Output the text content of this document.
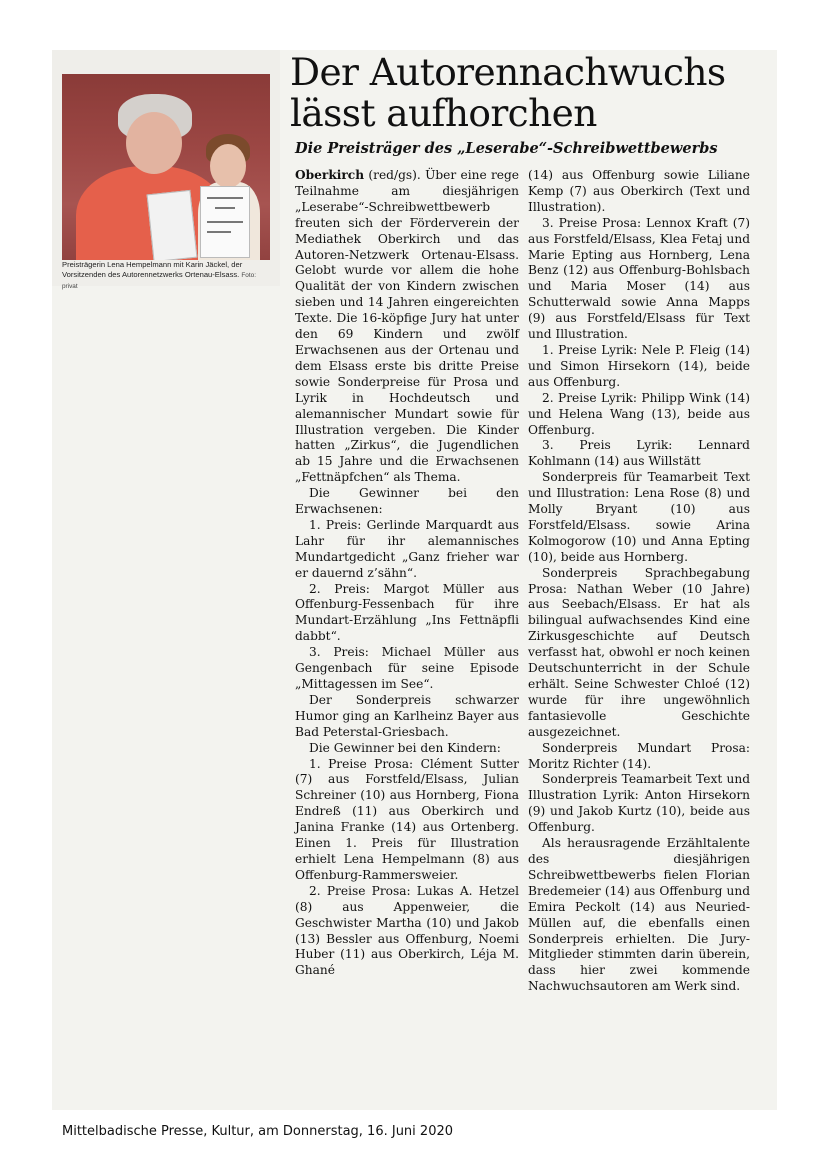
Preisträgerin Lena Hempelmann mit Karin Jäckel, der Vorsitzenden des Autorennetzwerks Ortenau-Elsass. Foto: privat
Der Autorennachwuchs lässt aufhorchen
Die Preisträger des „Leserabe“-Schreibwettbewerbs

Oberkirch (red/gs). Über eine rege Teilnahme am diesjährigen „Leserabe“-Schreibwettbewerb freuten sich der Förderverein der Mediathek Oberkirch und das Autoren-Netzwerk Ortenau-Elsass. Gelobt wurde vor allem die hohe Qualität der von Kindern zwischen sieben und 14 Jahren eingereichten Texte. Die 16-köpfige Jury hat unter den 69 Kindern und zwölf Erwachsenen aus der Ortenau und dem Elsass erste bis dritte Preise sowie Sonderpreise für Prosa und Lyrik in Hochdeutsch und alemannischer Mundart sowie für Illustration vergeben. Die Kinder hatten „Zirkus“, die Jugendlichen ab 15 Jahre und die Erwachsenen „Fettnäpfchen“ als Thema.

Die Gewinner bei den Erwachsenen:

1. Preis: Gerlinde Marquardt aus Lahr für ihr alemannisches Mundartgedicht „Ganz frieher war er dauernd z’sähn“.

2. Preis: Margot Müller aus Offenburg-Fessenbach für ihre Mundart-Erzählung „Ins Fettnäpfli dabbt“.

3. Preis: Michael Müller aus Gengenbach für seine Episode „Mittagessen im See“.

Der Sonderpreis schwarzer Humor ging an Karlheinz Bayer aus Bad Peterstal-Griesbach.

Die Gewinner bei den Kindern:

1. Preise Prosa: Clément Sutter (7) aus Forstfeld/Elsass, Julian Schreiner (10) aus Hornberg, Fiona Endreß (11) aus Oberkirch und Janina Franke (14) aus Ortenberg. Einen 1. Preis für Illustration erhielt Lena Hempelmann (8) aus Offenburg-Rammersweier.

2. Preise Prosa: Lukas A. Hetzel (8) aus Appenweier, die Geschwister Martha (10) und Jakob (13) Bessler aus Offenburg, Noemi Huber (11) aus Oberkirch, Léja M. Ghané

(14) aus Offenburg sowie Liliane Kemp (7) aus Oberkirch (Text und Illustration).

3. Preise Prosa: Lennox Kraft (7) aus Forstfeld/Elsass, Klea Fetaj und Marie Epting aus Hornberg, Lena Benz (12) aus Offenburg-Bohlsbach und Maria Moser (14) aus Schutterwald sowie Anna Mapps (9) aus Forstfeld/Elsass für Text und Illustration.

1. Preise Lyrik: Nele P. Fleig (14) und Simon Hirsekorn (14), beide aus Offenburg.

2. Preise Lyrik: Philipp Wink (14) und Helena Wang (13), beide aus Offenburg.

3. Preis Lyrik: Lennard Kohlmann (14) aus Willstätt

Sonderpreis für Teamarbeit Text und Illustration: Lena Rose (8) und Molly Bryant (10) aus Forstfeld/Elsass. sowie Arina Kolmogorow (10) und Anna Epting (10), beide aus Hornberg.

Sonderpreis Sprachbegabung Prosa: Nathan Weber (10 Jahre) aus Seebach/Elsass. Er hat als bilingual aufwachsendes Kind eine Zirkusgeschichte auf Deutsch verfasst hat, obwohl er noch keinen Deutschunterricht in der Schule erhält. Seine Schwester Chloé (12) wurde für ihre ungewöhnlich fantasievolle Geschichte ausgezeichnet.

Sonderpreis Mundart Prosa: Moritz Richter (14).

Sonderpreis Teamarbeit Text und Illustration Lyrik: Anton Hirsekorn (9) und Jakob Kurtz (10), beide aus Offenburg.

Als herausragende Erzähltalente des diesjährigen Schreibwettbewerbs fielen Florian Bredemeier (14) aus Offenburg und Emira Peckolt (14) aus Neuried-Müllen auf, die ebenfalls einen Sonderpreis erhielten. Die Jury-Mitglieder stimmten darin überein, dass hier zwei kommende Nachwuchsautoren am Werk sind.

Mittelbadische Presse, Kultur, am Donnerstag, 16. Juni 2020
